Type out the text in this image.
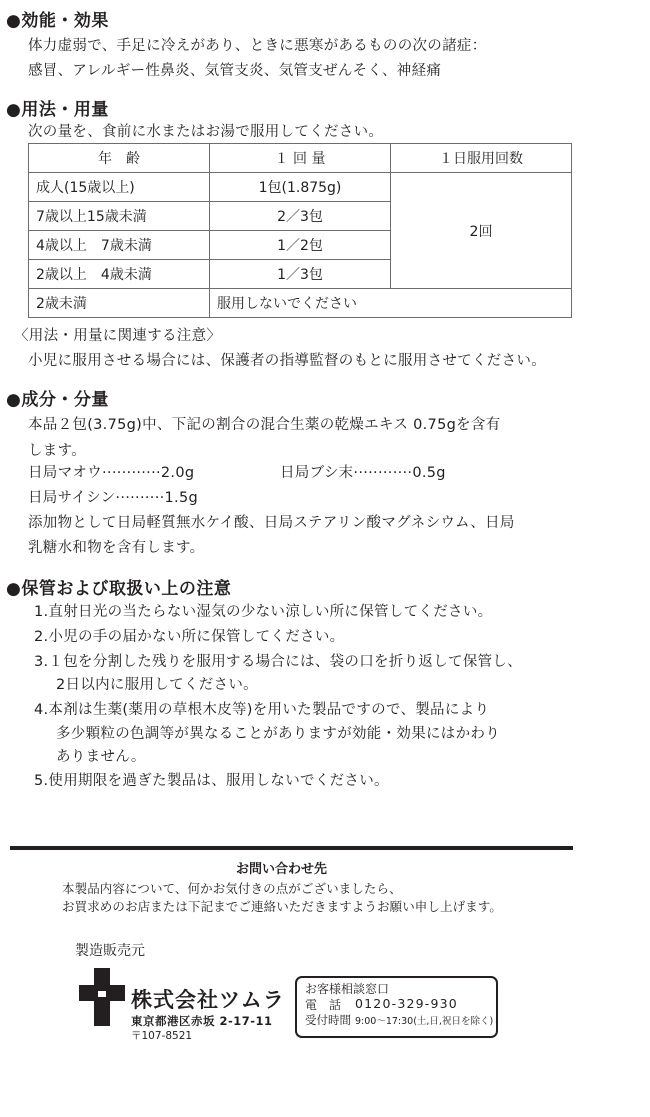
●効能・効果
体力虚弱で、手足に冷えがあり、ときに悪寒があるものの次の諸症：
感冒、アレルギー性鼻炎、気管支炎、気管支ぜんそく、神経痛
●用法・用量
次の量を、食前に水またはお湯で服用してください。
年　齢	１ 回 量	１日服用回数
成人(15歳以上)	1包(1.875g)	2回
7歳以上15歳未満	2／3包	
4歳以上　7歳未満	1／2包	
2歳以上　4歳未満	1／3包	
2歳未満	服用しないでください	
〈用法・用量に関連する注意〉
小児に服用させる場合には、保護者の指導監督のもとに服用させてください。
●成分・分量
本品２包(3.75g)中、下記の割合の混合生薬の乾燥エキス 0.75gを含有
します。
日局マオウ············2.0g	日局ブシ末············0.5g
日局サイシン··········1.5g
添加物として日局軽質無水ケイ酸、日局ステアリン酸マグネシウム、日局
乳糖水和物を含有します。
●保管および取扱い上の注意
1.直射日光の当たらない湿気の少ない涼しい所に保管してください。
2.小児の手の届かない所に保管してください。
3.１包を分割した残りを服用する場合には、袋の口を折り返して保管し、
2日以内に服用してください。
4.本剤は生薬(薬用の草根木皮等)を用いた製品ですので、製品により
多少顆粒の色調等が異なることがありますが効能・効果にはかわり
ありません。
5.使用期限を過ぎた製品は、服用しないでください。
お問い合わせ先
本製品内容について、何かお気付きの点がございましたら、
お買求めのお店または下記までご連絡いただきますようお願い申し上げます。
製造販売元
株式会社ツムラ
東京都港区赤坂 2-17-11
〒107-8521
お客様相談窓口
電　話 0120-329-930
受付時間 9:00〜17:30(土,日,祝日を除く)
